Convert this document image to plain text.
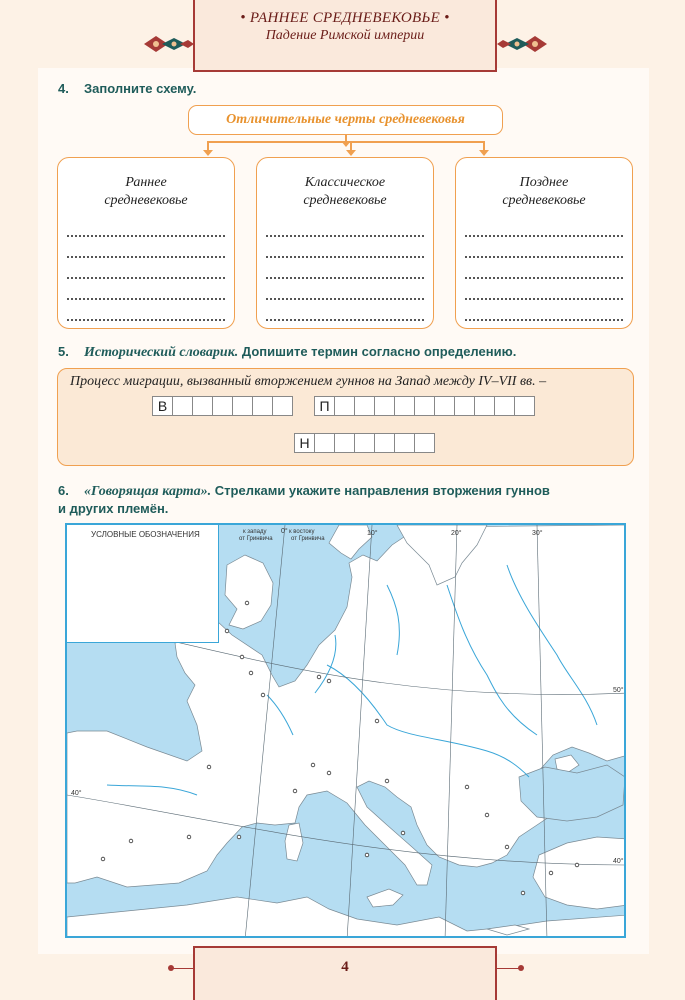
• РАННЕЕ СРЕДНЕВЕКОВЬЕ •
Падение Римской империи
4. Заполните схему.
Отличительные черты средневековья
Раннее
средневековье
Классическое
средневековье
Позднее
средневековье
5. Исторический словарик. Допишите термин согласно определению.
Процесс миграции, вызванный вторжением гуннов на Запад между IV–VII вв. –
В	П
Н
6. «Говорящая карта». Стрелками укажите направления вторжения гуннов
и других племён.
к западу
от Гринвича
к востоку
от Гринвича
0°	10°	20°	30°
50°
40°
40°
УСЛОВНЫЕ ОБОЗНАЧЕНИЯ
4
